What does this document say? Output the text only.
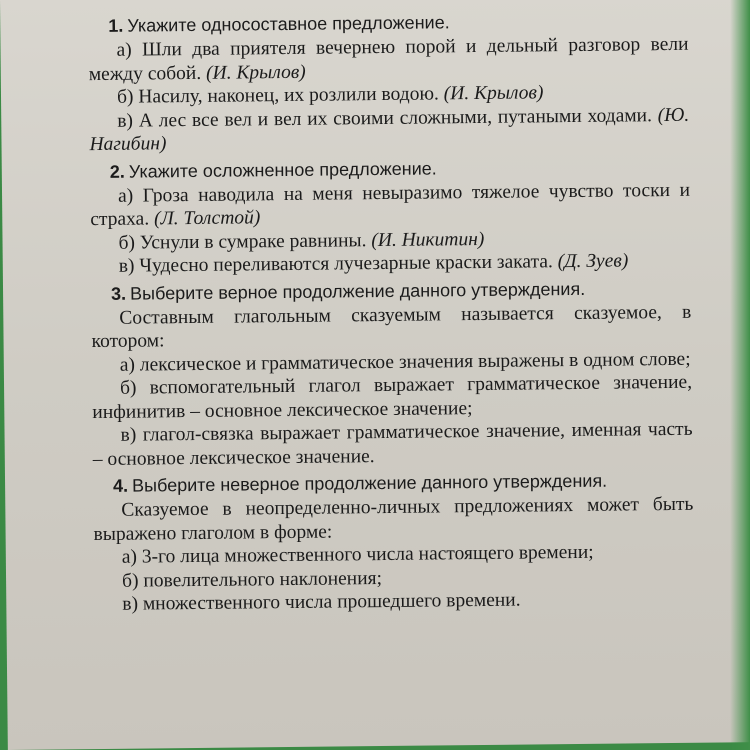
1. Укажите односоставное предложение.
а) Шли два приятеля вечернею порой и дельный разговор вели между собой. (И. Крылов)
б) Насилу, наконец, их розлили водою. (И. Крылов)
в) А лес все вел и вел их своими сложными, путаными ходами. (Ю. Нагибин)
2. Укажите осложненное предложение.
а) Гроза наводила на меня невыразимо тяжелое чувство тоски и страха. (Л. Толстой)
б) Уснули в сумраке равнины. (И. Никитин)
в) Чудесно переливаются лучезарные краски заката. (Д. Зуев)
3. Выберите верное продолжение данного утверждения.
Составным глагольным сказуемым называется сказуемое, в котором:
а) лексическое и грамматическое значения выражены в одном слове;
б) вспомогательный глагол выражает грамматическое значение, инфинитив – основное лексическое значение;
в) глагол-связка выражает грамматическое значение, именная часть – основное лексическое значение.
4. Выберите неверное продолжение данного утверждения.
Сказуемое в неопределенно-личных предложениях может быть выражено глаголом в форме:
а) 3-го лица множественного числа настоящего времени;
б) повелительного наклонения;
в) множественного числа прошедшего времени.
